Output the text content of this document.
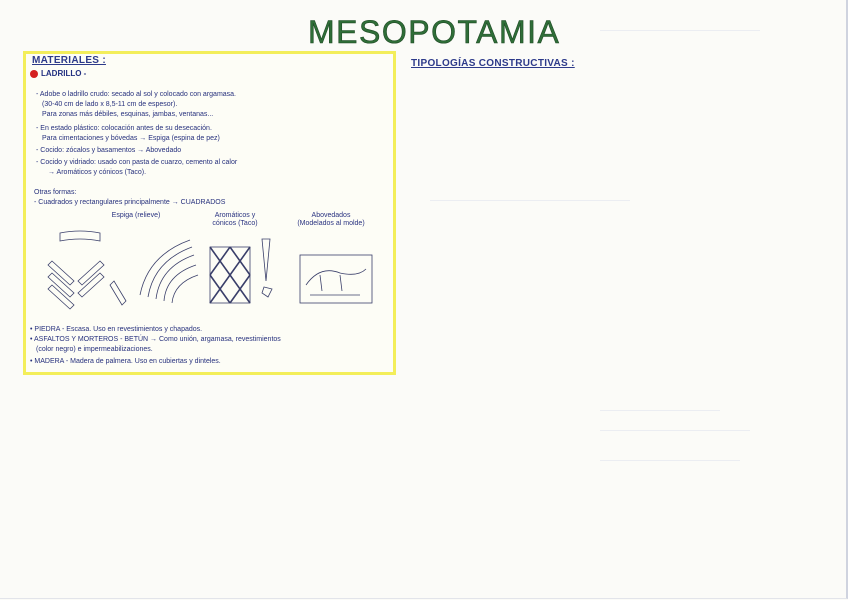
MESOPOTAMIA
TIPOLOGÍAS CONSTRUCTIVAS :
MATERIALES :
LADRILLO -
- Adobe o ladrillo crudo: secado al sol y colocado con argamasa.
(30-40 cm de lado x 8,5-11 cm de espesor).
Para zonas más débiles, esquinas, jambas, ventanas...
- En estado plástico: colocación antes de su desecación.
Para cimentaciones y bóvedas → Espiga (espina de pez)
- Cocido: zócalos y basamentos → Abovedado
- Cocido y vidriado: usado con pasta de cuarzo, cemento al calor
→ Aromáticos y cónicos (Taco).
Otras formas:
- Cuadrados y rectangulares principalmente → CUADRADOS
Espiga (relieve)	Aromáticos y cónicos (Taco)
Abovedados (Modelados al molde)
• PIEDRA - Escasa. Uso en revestimientos y chapados.
• ASFALTOS Y MORTEROS - BETÚN → Como unión, argamasa, revestimientos
(color negro) e impermeabilizaciones.
• MADERA - Madera de palmera. Uso en cubiertas y dinteles.
